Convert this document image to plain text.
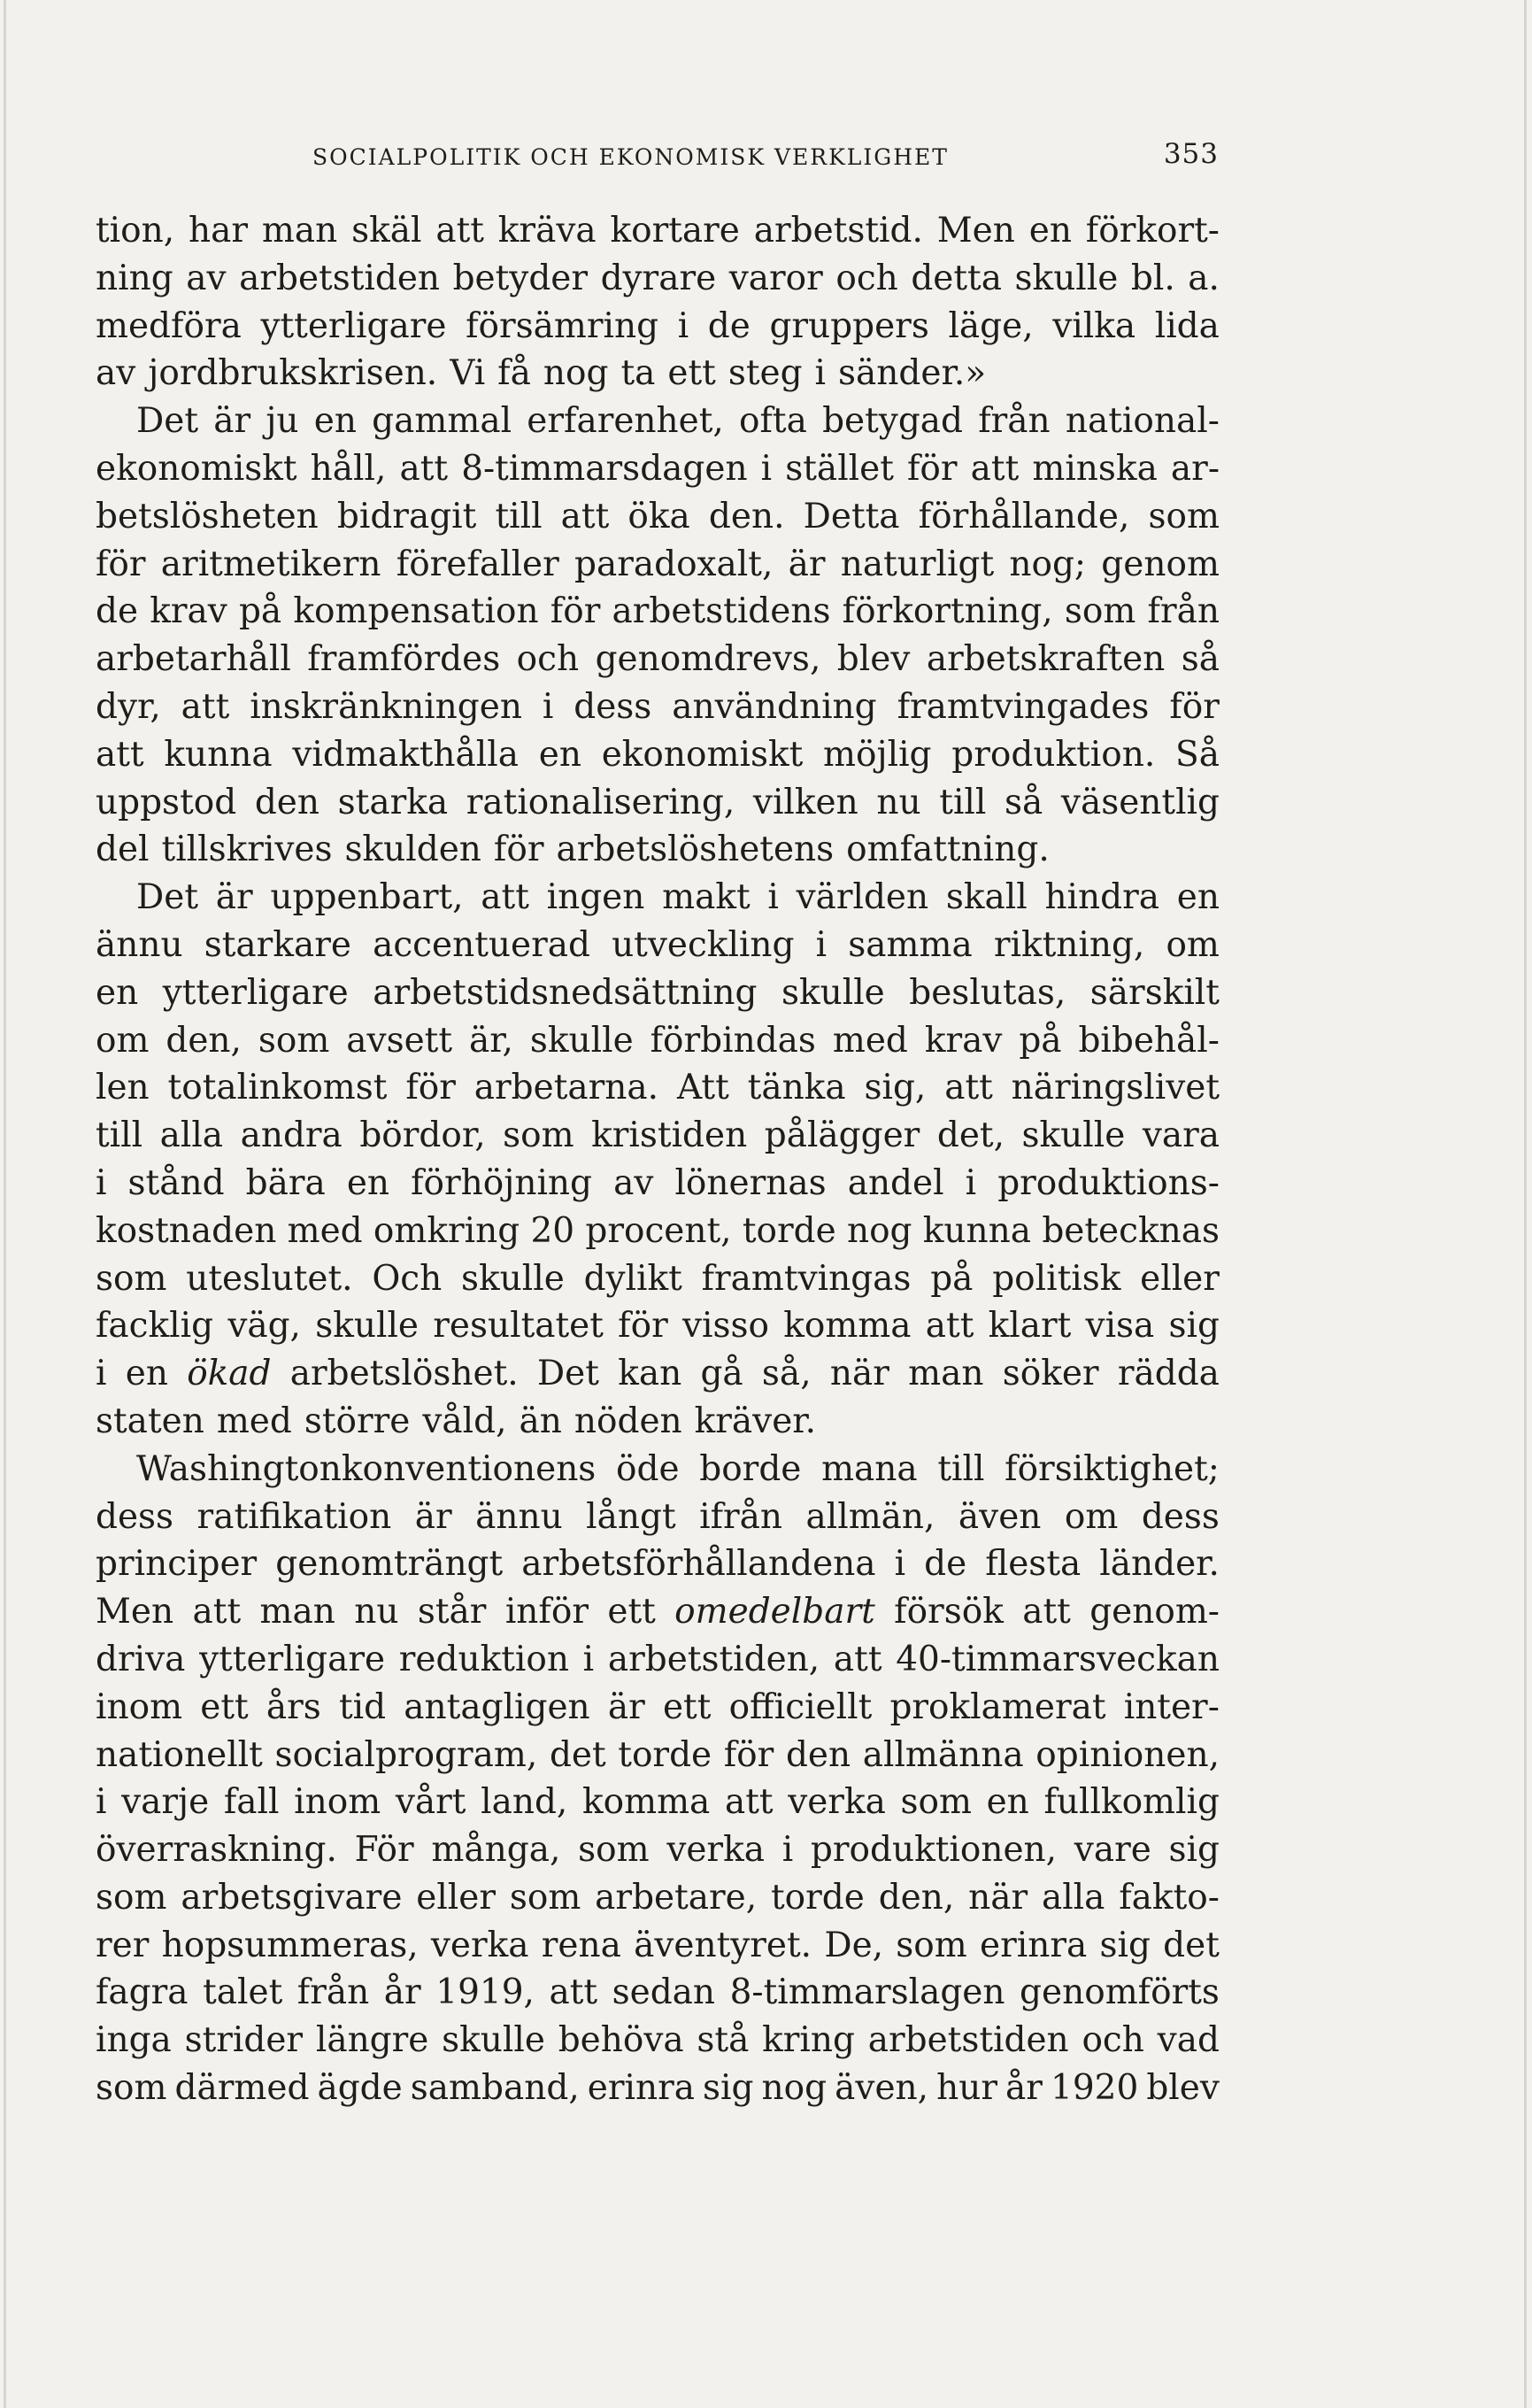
SOCIALPOLITIK OCH EKONOMISK VERKLIGHET	353
tion, har man skäl att kräva kortare arbetstid. Men en förkort-
ning av arbetstiden betyder dyrare varor och detta skulle bl. a.
medföra ytterligare försämring i de gruppers läge, vilka lida
av jordbrukskrisen. Vi få nog ta ett steg i sänder.»
Det är ju en gammal erfarenhet, ofta betygad från national-
ekonomiskt håll, att 8-timmarsdagen i stället för att minska ar-
betslösheten bidragit till att öka den. Detta förhållande, som
för aritmetikern förefaller paradoxalt, är naturligt nog; genom
de krav på kompensation för arbetstidens förkortning, som från
arbetarhåll framfördes och genomdrevs, blev arbetskraften så
dyr, att inskränkningen i dess användning framtvingades för
att kunna vidmakthålla en ekonomiskt möjlig produktion. Så
uppstod den starka rationalisering, vilken nu till så väsentlig
del tillskrives skulden för arbetslöshetens omfattning.
Det är uppenbart, att ingen makt i världen skall hindra en
ännu starkare accentuerad utveckling i samma riktning, om
en ytterligare arbetstidsnedsättning skulle beslutas, särskilt
om den, som avsett är, skulle förbindas med krav på bibehål-
len totalinkomst för arbetarna. Att tänka sig, att näringslivet
till alla andra bördor, som kristiden pålägger det, skulle vara
i stånd bära en förhöjning av lönernas andel i produktions-
kostnaden med omkring 20 procent, torde nog kunna betecknas
som uteslutet. Och skulle dylikt framtvingas på politisk eller
facklig väg, skulle resultatet för visso komma att klart visa sig
i en ökad arbetslöshet. Det kan gå så, när man söker rädda
staten med större våld, än nöden kräver.
Washingtonkonventionens öde borde mana till försiktighet;
dess ratifikation är ännu långt ifrån allmän, även om dess
principer genomträngt arbetsförhållandena i de flesta länder.
Men att man nu står inför ett omedelbart försök att genom-
driva ytterligare reduktion i arbetstiden, att 40-timmarsveckan
inom ett års tid antagligen är ett officiellt proklamerat inter-
nationellt socialprogram, det torde för den allmänna opinionen,
i varje fall inom vårt land, komma att verka som en fullkomlig
överraskning. För många, som verka i produktionen, vare sig
som arbetsgivare eller som arbetare, torde den, när alla fakto-
rer hopsummeras, verka rena äventyret. De, som erinra sig det
fagra talet från år 1919, att sedan 8-timmarslagen genomförts
inga strider längre skulle behöva stå kring arbetstiden och vad
som därmed ägde samband, erinra sig nog även, hur år 1920 blev
